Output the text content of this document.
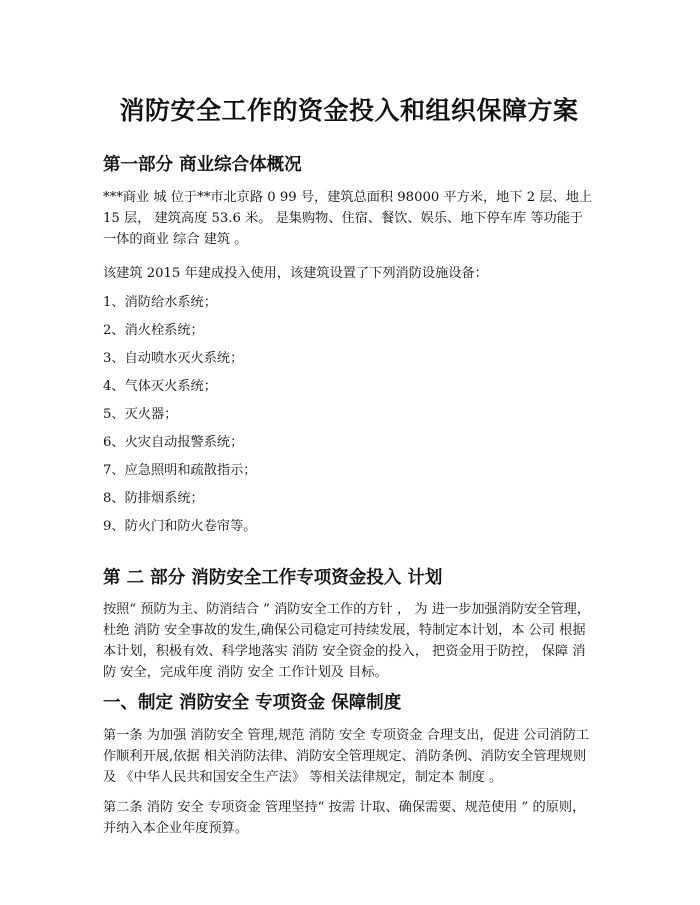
消防安全工作的资金投入和组织保障方案
第一部分 商业综合体概况

***商业 城 位于**市北京路 0 99 号，建筑总面积 98000 平方米，地下 2 层、地上 15 层， 建筑高度 53.6 米。 是集购物、住宿、餐饮、娱乐、地下停车库 等功能于一体的商业 综合 建筑 。

该建筑 2015 年建成投入使用，该建筑设置了下列消防设施设备：

1、消防给水系统；
2、消火栓系统；
3、自动喷水灭火系统；
4、气体灭火系统；
5、灭火器；
6、火灾自动报警系统；
7、应急照明和疏散指示；
8、防排烟系统；
9、防火门和防火卷帘等。
第 二 部分 消防安全工作专项资金投入 计划

按照“ 预防为主、防消结合 ” 消防安全工作的方针 ， 为 进一步加强消防安全管理，杜绝 消防 安全事故的发生,确保公司稳定可持续发展，特制定本计划，本 公司 根据本计划，积极有效、科学地落实 消防 安全资金的投入， 把资金用于防控， 保障 消防 安全，完成年度 消防 安全 工作计划及 目标。

一、制定 消防安全 专项资金 保障制度

第一条 为加强 消防安全 管理,规范 消防 安全 专项资金 合理支出，促进 公司消防工作顺利开展,依据 相关消防法律、消防安全管理规定、消防条例、消防安全管理规则及 《中华人民共和国安全生产法》 等相关法律规定，制定本 制度 。

第二条 消防 安全 专项资金 管理坚持“ 按需 计取、确保需要、规范使用 ” 的原则，并纳入本企业年度预算。
